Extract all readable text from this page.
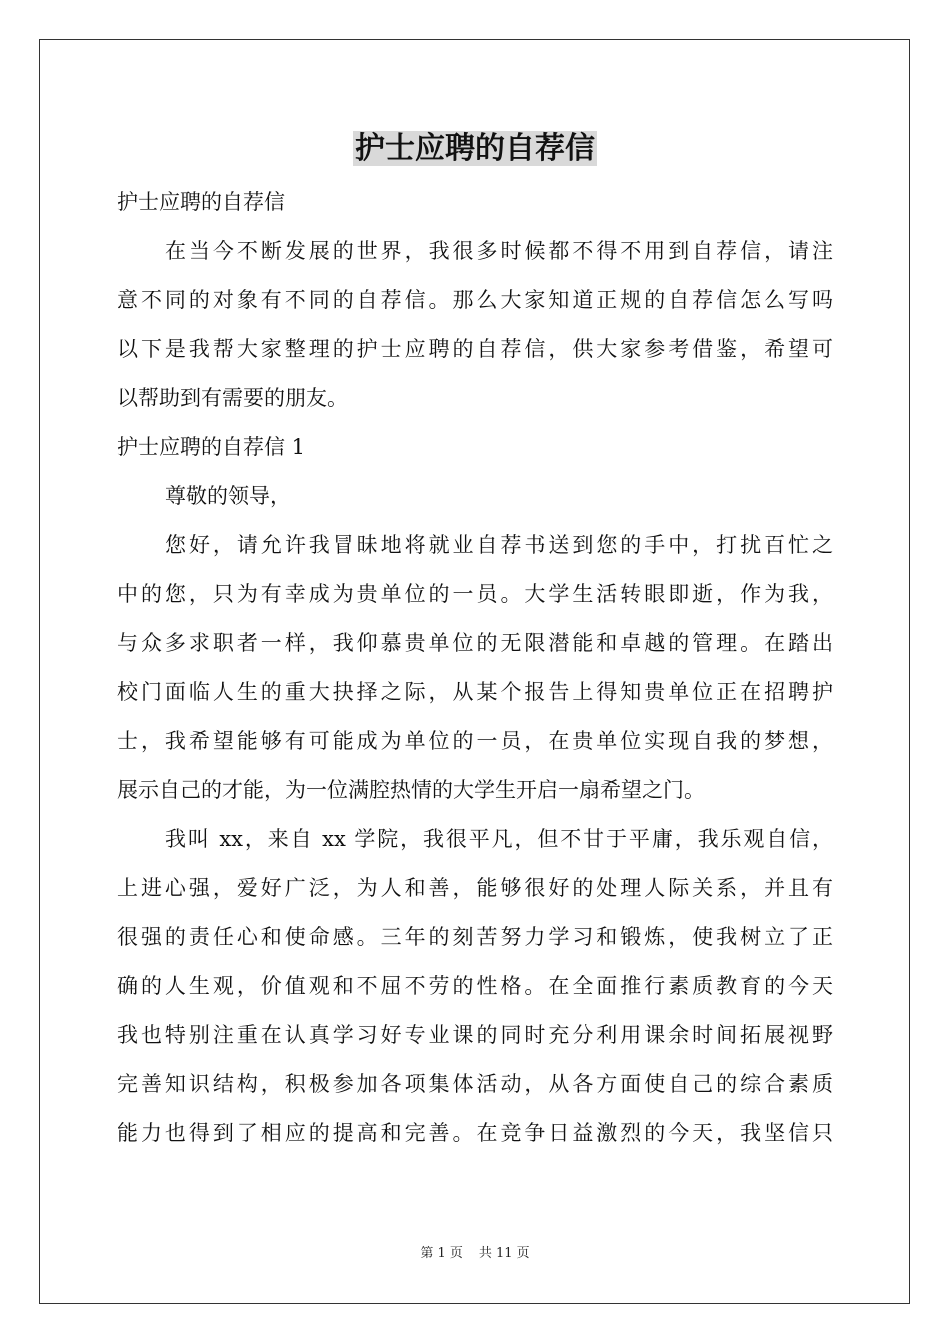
护士应聘的自荐信

护士应聘的自荐信

在当今不断发展的世界，我很多时候都不得不用到自荐信，请注

意不同的对象有不同的自荐信。那么大家知道正规的自荐信怎么写吗

以下是我帮大家整理的护士应聘的自荐信，供大家参考借鉴，希望可

以帮助到有需要的朋友。

护士应聘的自荐信 1

尊敬的领导，

您好，请允许我冒昧地将就业自荐书送到您的手中，打扰百忙之

中的您，只为有幸成为贵单位的一员。大学生活转眼即逝，作为我，

与众多求职者一样，我仰慕贵单位的无限潜能和卓越的管理。在踏出

校门面临人生的重大抉择之际，从某个报告上得知贵单位正在招聘护

士，我希望能够有可能成为单位的一员，在贵单位实现自我的梦想，

展示自己的才能，为一位满腔热情的大学生开启一扇希望之门。

我叫 xx，来自 xx 学院，我很平凡，但不甘于平庸，我乐观自信，

上进心强，爱好广泛，为人和善，能够很好的处理人际关系，并且有

很强的责任心和使命感。三年的刻苦努力学习和锻炼，使我树立了正

确的人生观，价值观和不屈不劳的性格。在全面推行素质教育的今天

我也特别注重在认真学习好专业课的同时充分利用课余时间拓展视野

完善知识结构，积极参加各项集体活动，从各方面使自己的综合素质

能力也得到了相应的提高和完善。在竞争日益激烈的今天，我坚信只

第 1 页 共 11 页
